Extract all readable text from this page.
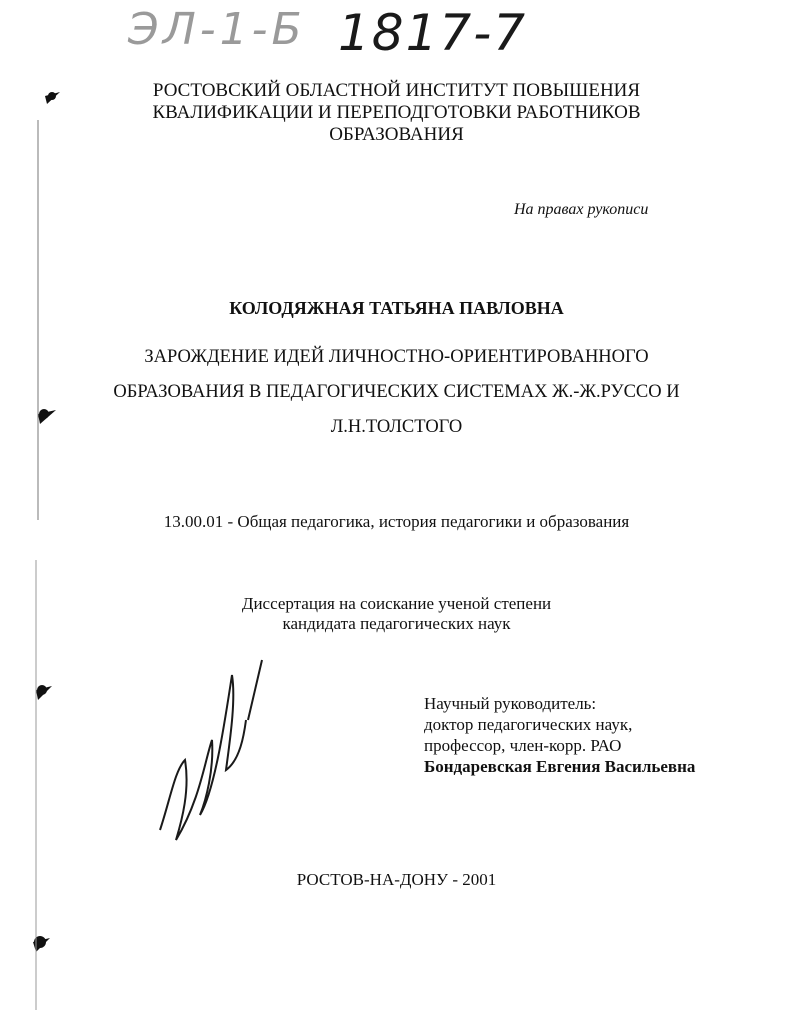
ЭЛ-1-Б 1817-7
РОСТОВСКИЙ ОБЛАСТНОЙ ИНСТИТУТ ПОВЫШЕНИЯ
КВАЛИФИКАЦИИ И ПЕРЕПОДГОТОВКИ РАБОТНИКОВ
ОБРАЗОВАНИЯ
На правах рукописи
КОЛОДЯЖНАЯ ТАТЬЯНА ПАВЛОВНА
ЗАРОЖДЕНИЕ ИДЕЙ ЛИЧНОСТНО-ОРИЕНТИРОВАННОГО
ОБРАЗОВАНИЯ В ПЕДАГОГИЧЕСКИХ СИСТЕМАХ Ж.-Ж.РУССО И
Л.Н.ТОЛСТОГО
13.00.01 - Общая педагогика, история педагогики и образования
Диссертация на соискание ученой степени
кандидата педагогических наук
Научный руководитель:
доктор педагогических наук,
профессор, член-корр. РАО
Бондаревская Евгения Васильевна
РОСТОВ-НА-ДОНУ - 2001
